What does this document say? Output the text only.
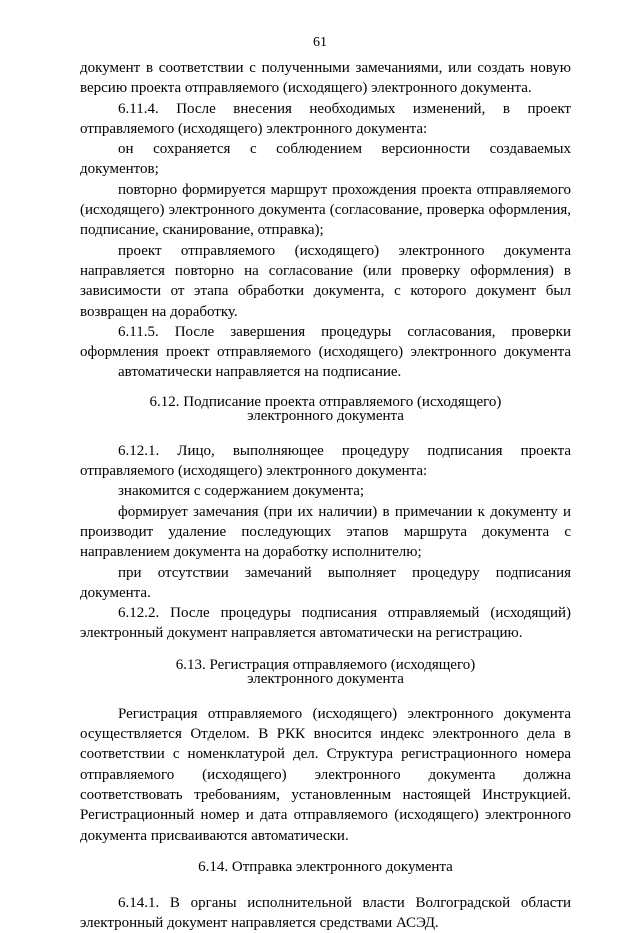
61

документ в соответствии с полученными замечаниями, или создать новую версию проекта отправляемого (исходящего) электронного документа.

6.11.4. После внесения необходимых изменений, в проект отправляемого (исходящего) электронного документа:

он сохраняется с соблюдением версионности создаваемых документов;

повторно формируется маршрут прохождения проекта отправляемого (исходящего) электронного документа (согласование, проверка оформления, подписание, сканирование, отправка);

проект отправляемого (исходящего) электронного документа направляется повторно на согласование (или проверку оформления) в зависимости от этапа обработки документа, с которого документ был возвращен на доработку.

6.11.5. После завершения процедуры согласования, проверки оформления проект отправляемого (исходящего) электронного документа

автоматически направляется на подписание.

6.12. Подписание проекта отправляемого (исходящего)
электронного документа

6.12.1. Лицо, выполняющее процедуру подписания проекта отправляемого (исходящего) электронного документа:

знакомится с содержанием документа;

формирует замечания (при их наличии) в примечании к документу и производит удаление последующих этапов маршрута документа с направлением документа на доработку исполнителю;

при отсутствии замечаний выполняет процедуру подписания документа.

6.12.2. После процедуры подписания отправляемый (исходящий) электронный документ направляется автоматически на регистрацию.

6.13. Регистрация отправляемого (исходящего)
электронного документа

Регистрация отправляемого (исходящего) электронного документа осуществляется Отделом. В РКК вносится индекс электронного дела в соответствии с номенклатурой дел. Структура регистрационного номера отправляемого (исходящего) электронного документа должна соответствовать требованиям, установленным настоящей Инструкцией. Регистрационный номер и дата отправляемого (исходящего) электронного документа присваиваются автоматически.

6.14. Отправка электронного документа

6.14.1. В органы исполнительной власти Волгоградской области электронный документ направляется средствами АСЭД.
